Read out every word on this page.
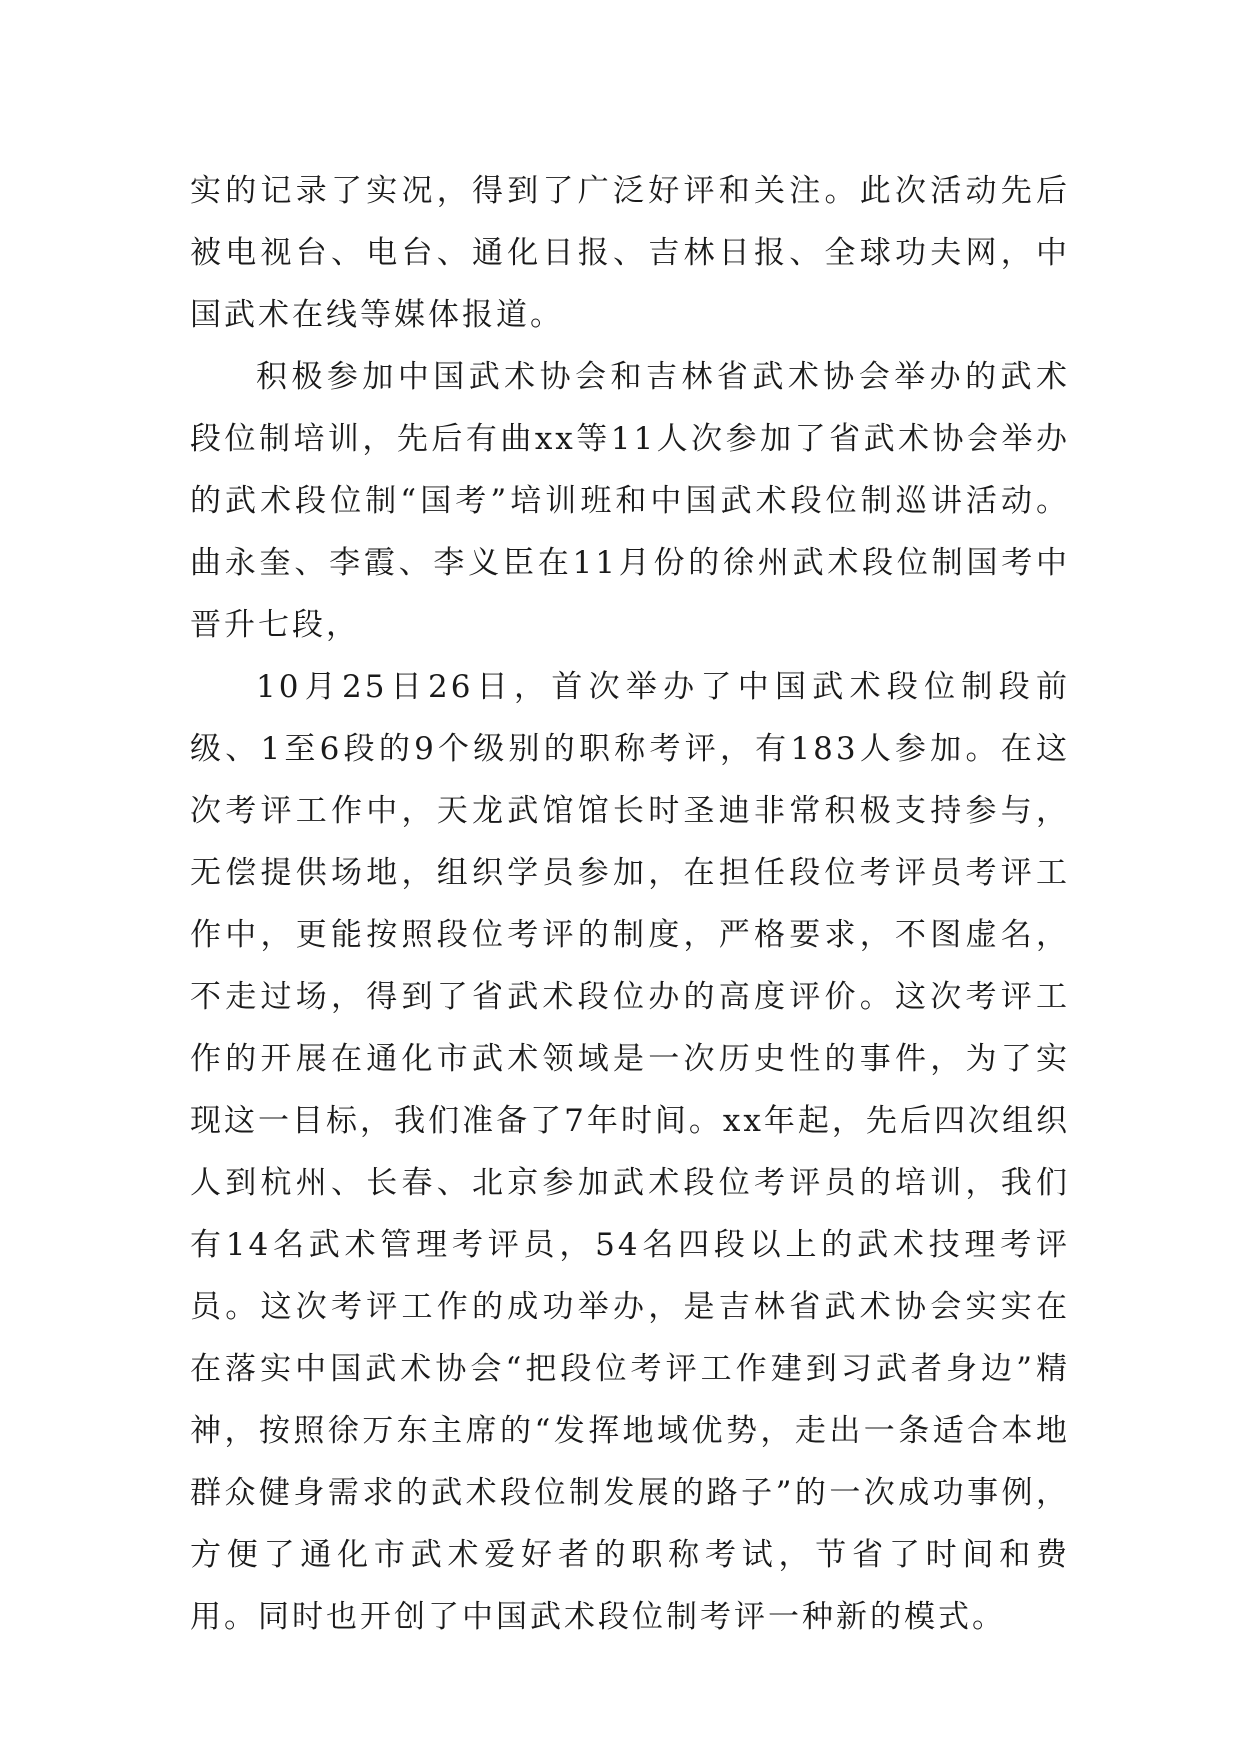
实的记录了实况，得到了广泛好评和关注。此次活动先后被电视台、电台、通化日报、吉林日报、全球功夫网，中国武术在线等媒体报道。

积极参加中国武术协会和吉林省武术协会举办的武术段位制培训，先后有曲xx等11人次参加了省武术协会举办的武术段位制“国考”培训班和中国武术段位制巡讲活动。曲永奎、李霞、李义臣在11月份的徐州武术段位制国考中晋升七段，

10月25日26日，首次举办了中国武术段位制段前级、1至6段的9个级别的职称考评，有183人参加。在这次考评工作中，天龙武馆馆长时圣迪非常积极支持参与，无偿提供场地，组织学员参加，在担任段位考评员考评工作中，更能按照段位考评的制度，严格要求，不图虚名，不走过场，得到了省武术段位办的高度评价。这次考评工作的开展在通化市武术领域是一次历史性的事件，为了实现这一目标，我们准备了7年时间。xx年起，先后四次组织人到杭州、长春、北京参加武术段位考评员的培训，我们有14名武术管理考评员，54名四段以上的武术技理考评员。这次考评工作的成功举办，是吉林省武术协会实实在在落实中国武术协会“把段位考评工作建到习武者身边”精神，按照徐万东主席的“发挥地域优势，走出一条适合本地群众健身需求的武术段位制发展的路子”的一次成功事例，方便了通化市武术爱好者的职称考试，节省了时间和费用。同时也开创了中国武术段位制考评一种新的模式。
